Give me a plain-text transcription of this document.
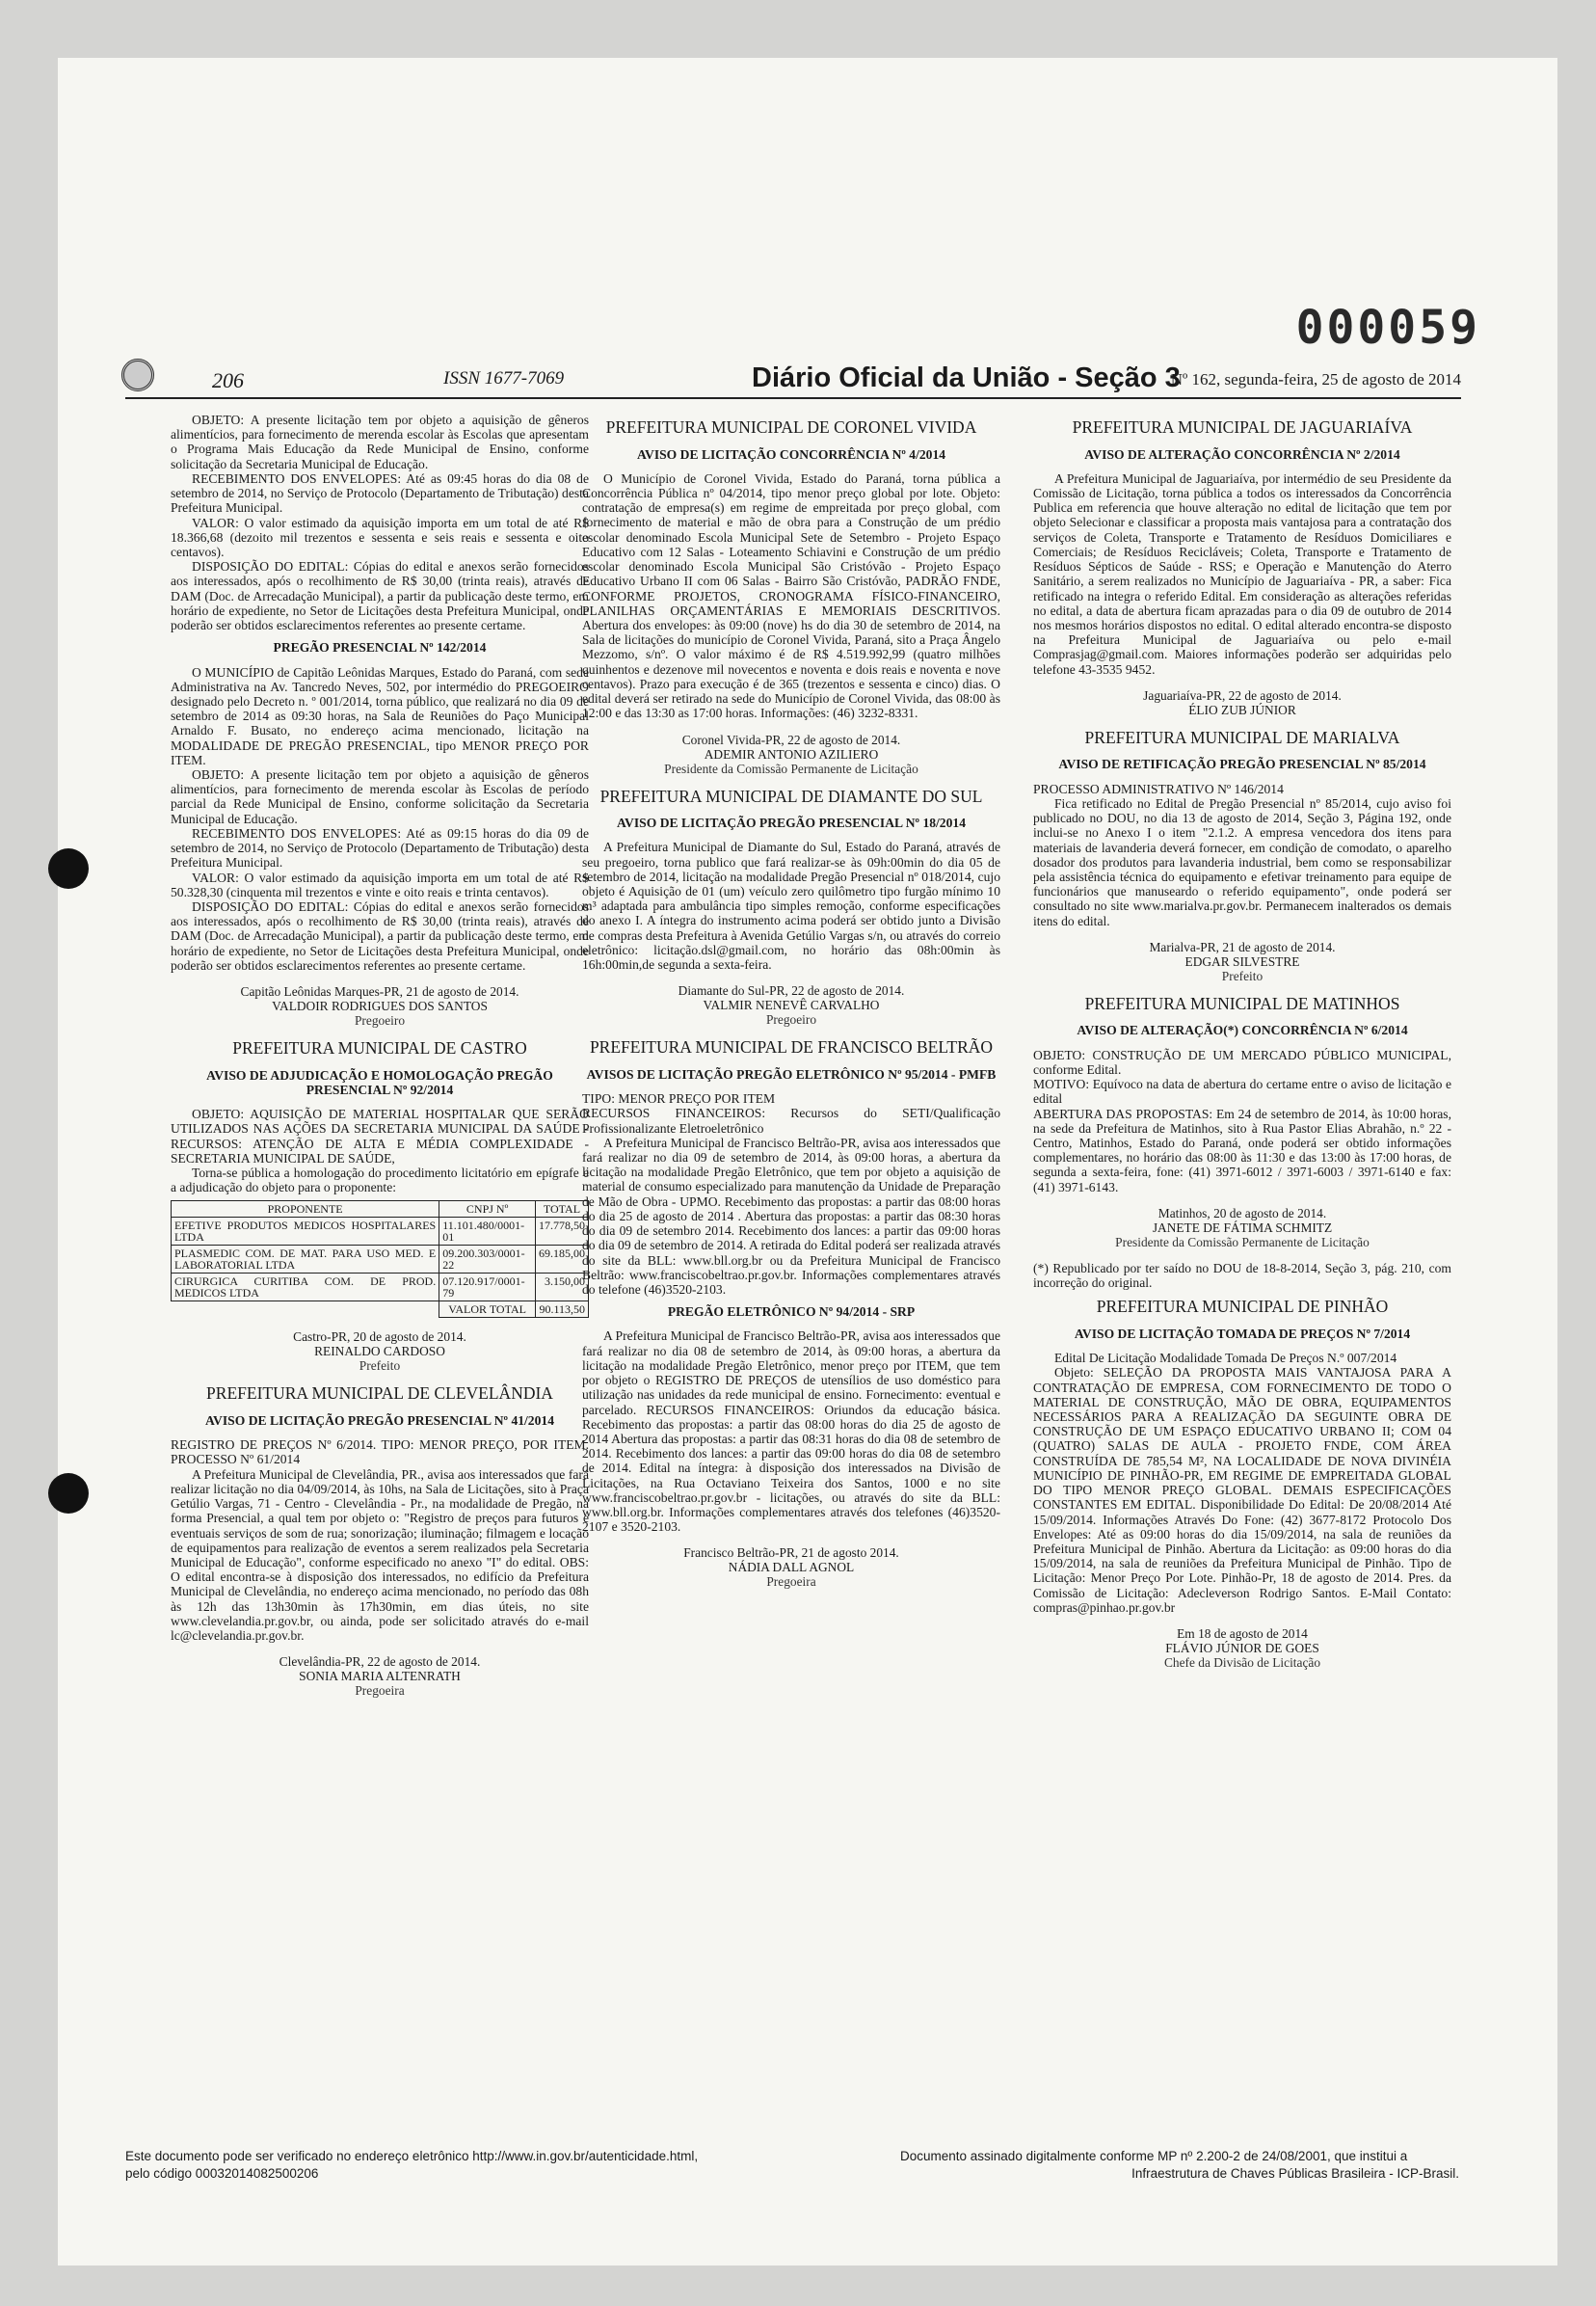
000059
206	ISSN 1677-7069	Diário Oficial da União - Seção 3
Nº 162, segunda-feira, 25 de agosto de 2014

OBJETO: A presente licitação tem por objeto a aquisição de gêneros alimentícios, para fornecimento de merenda escolar às Escolas que apresentam o Programa Mais Educação da Rede Municipal de Ensino, conforme solicitação da Secretaria Municipal de Educação.

RECEBIMENTO DOS ENVELOPES: Até as 09:45 horas do dia 08 de setembro de 2014, no Serviço de Protocolo (Departamento de Tributação) desta Prefeitura Municipal.

VALOR: O valor estimado da aquisição importa em um total de até R$ 18.366,68 (dezoito mil trezentos e sessenta e seis reais e sessenta e oito centavos).

DISPOSIÇÃO DO EDITAL: Cópias do edital e anexos serão fornecidos aos interessados, após o recolhimento de R$ 30,00 (trinta reais), através de DAM (Doc. de Arrecadação Municipal), a partir da publicação deste termo, em horário de expediente, no Setor de Licitações desta Prefeitura Municipal, onde poderão ser obtidos esclarecimentos referentes ao presente certame.

PREGÃO PRESENCIAL Nº 142/2014

O MUNICÍPIO de Capitão Leônidas Marques, Estado do Paraná, com sede Administrativa na Av. Tancredo Neves, 502, por intermédio do PREGOEIRO designado pelo Decreto n. º 001/2014, torna público, que realizará no dia 09 de setembro de 2014 as 09:30 horas, na Sala de Reuniões do Paço Municipal Arnaldo F. Busato, no endereço acima mencionado, licitação na MODALIDADE DE PREGÃO PRESENCIAL, tipo MENOR PREÇO POR ITEM.

OBJETO: A presente licitação tem por objeto a aquisição de gêneros alimentícios, para fornecimento de merenda escolar às Escolas de período parcial da Rede Municipal de Ensino, conforme solicitação da Secretaria Municipal de Educação.

RECEBIMENTO DOS ENVELOPES: Até as 09:15 horas do dia 09 de setembro de 2014, no Serviço de Protocolo (Departamento de Tributação) desta Prefeitura Municipal.

VALOR: O valor estimado da aquisição importa em um total de até R$ 50.328,30 (cinquenta mil trezentos e vinte e oito reais e trinta centavos).

DISPOSIÇÃO DO EDITAL: Cópias do edital e anexos serão fornecidos aos interessados, após o recolhimento de R$ 30,00 (trinta reais), através de DAM (Doc. de Arrecadação Municipal), a partir da publicação deste termo, em horário de expediente, no Setor de Licitações desta Prefeitura Municipal, onde poderão ser obtidos esclarecimentos referentes ao presente certame.

Capitão Leônidas Marques-PR, 21 de agosto de 2014.
VALDOIR RODRIGUES DOS SANTOS
Pregoeiro
PREFEITURA MUNICIPAL DE CASTRO
AVISO DE ADJUDICAÇÃO E HOMOLOGAÇÃO PREGÃO PRESENCIAL Nº 92/2014

OBJETO: AQUISIÇÃO DE MATERIAL HOSPITALAR QUE SERÃO UTILIZADOS NAS AÇÕES DA SECRETARIA MUNICIPAL DA SAÚDE - RECURSOS: ATENÇÃO DE ALTA E MÉDIA COMPLEXIDADE - SECRETARIA MUNICIPAL DE SAÚDE,

Torna-se pública a homologação do procedimento licitatório em epígrafe e a adjudicação do objeto para o proponente:

PROPONENTE	CNPJ Nº	TOTAL
EFETIVE PRODUTOS MEDICOS HOSPITALARES LTDA	11.101.480/0001-01	17.778,50
PLASMEDIC COM. DE MAT. PARA USO MED. E LABORATORIAL LTDA	09.200.303/0001-22	69.185,00
CIRURGICA CURITIBA COM. DE PROD. MEDICOS LTDA	07.120.917/0001-79	3.150,00
	VALOR TOTAL	90.113,50
Castro-PR, 20 de agosto de 2014.
REINALDO CARDOSO
Prefeito
PREFEITURA MUNICIPAL DE CLEVELÂNDIA
AVISO DE LICITAÇÃO PREGÃO PRESENCIAL Nº 41/2014

REGISTRO DE PREÇOS Nº 6/2014. TIPO: MENOR PREÇO, POR ITEM. PROCESSO Nº 61/2014

A Prefeitura Municipal de Clevelândia, PR., avisa aos interessados que fará realizar licitação no dia 04/09/2014, às 10hs, na Sala de Licitações, sito à Praça Getúlio Vargas, 71 - Centro - Clevelândia - Pr., na modalidade de Pregão, na forma Presencial, a qual tem por objeto o: "Registro de preços para futuros e eventuais serviços de som de rua; sonorização; iluminação; filmagem e locação de equipamentos para realização de eventos a serem realizados pela Secretaria Municipal de Educação", conforme especificado no anexo "I" do edital. OBS: O edital encontra-se à disposição dos interessados, no edifício da Prefeitura Municipal de Clevelândia, no endereço acima mencionado, no período das 08h às 12h das 13h30min às 17h30min, em dias úteis, no site www.clevelandia.pr.gov.br, ou ainda, pode ser solicitado através do e-mail lc@clevelandia.pr.gov.br.

Clevelândia-PR, 22 de agosto de 2014.
SONIA MARIA ALTENRATH
Pregoeira
PREFEITURA MUNICIPAL DE CORONEL VIVIDA
AVISO DE LICITAÇÃO CONCORRÊNCIA Nº 4/2014

O Município de Coronel Vivida, Estado do Paraná, torna pública a Concorrência Pública nº 04/2014, tipo menor preço global por lote. Objeto: contratação de empresa(s) em regime de empreitada por preço global, com fornecimento de material e mão de obra para a Construção de um prédio escolar denominado Escola Municipal Sete de Setembro - Projeto Espaço Educativo com 12 Salas - Loteamento Schiavini e Construção de um prédio escolar denominado Escola Municipal São Cristóvão - Projeto Espaço Educativo Urbano II com 06 Salas - Bairro São Cristóvão, PADRÃO FNDE, CONFORME PROJETOS, CRONOGRAMA FÍSICO-FINANCEIRO, PLANILHAS ORÇAMENTÁRIAS E MEMORIAIS DESCRITIVOS. Abertura dos envelopes: às 09:00 (nove) hs do dia 30 de setembro de 2014, na Sala de licitações do município de Coronel Vivida, Paraná, sito a Praça Ângelo Mezzomo, s/nº. O valor máximo é de R$ 4.519.992,99 (quatro milhões quinhentos e dezenove mil novecentos e noventa e dois reais e noventa e nove centavos). Prazo para execução é de 365 (trezentos e sessenta e cinco) dias. O edital deverá ser retirado na sede do Município de Coronel Vivida, das 08:00 às 12:00 e das 13:30 as 17:00 horas. Informações: (46) 3232-8331.

Coronel Vivida-PR, 22 de agosto de 2014.
ADEMIR ANTONIO AZILIERO
Presidente da Comissão Permanente de Licitação
PREFEITURA MUNICIPAL DE DIAMANTE DO SUL
AVISO DE LICITAÇÃO PREGÃO PRESENCIAL Nº 18/2014

A Prefeitura Municipal de Diamante do Sul, Estado do Paraná, através de seu pregoeiro, torna publico que fará realizar-se às 09h:00min do dia 05 de setembro de 2014, licitação na modalidade Pregão Presencial nº 018/2014, cujo objeto é Aquisição de 01 (um) veículo zero quilômetro tipo furgão mínimo 10 m³ adaptada para ambulância tipo simples remoção, conforme especificações do anexo I. A íntegra do instrumento acima poderá ser obtido junto a Divisão de compras desta Prefeitura à Avenida Getúlio Vargas s/n, ou através do correio eletrônico: licitação.dsl@gmail.com, no horário das 08h:00min às 16h:00min,de segunda a sexta-feira.

Diamante do Sul-PR, 22 de agosto de 2014.
VALMIR NENEVÊ CARVALHO
Pregoeiro
PREFEITURA MUNICIPAL DE FRANCISCO BELTRÃO
AVISOS DE LICITAÇÃO PREGÃO ELETRÔNICO Nº 95/2014 - PMFB

TIPO: MENOR PREÇO POR ITEM

RECURSOS FINANCEIROS: Recursos do SETI/Qualificação Profissionalizante Eletroeletrônico

A Prefeitura Municipal de Francisco Beltrão-PR, avisa aos interessados que fará realizar no dia 09 de setembro de 2014, às 09:00 horas, a abertura da licitação na modalidade Pregão Eletrônico, que tem por objeto a aquisição de material de consumo especializado para manutenção da Unidade de Preparação de Mão de Obra - UPMO. Recebimento das propostas: a partir das 08:00 horas do dia 25 de agosto de 2014 . Abertura das propostas: a partir das 08:30 horas do dia 09 de setembro 2014. Recebimento dos lances: a partir das 09:00 horas do dia 09 de setembro de 2014. A retirada do Edital poderá ser realizada através do site da BLL: www.bll.org.br ou da Prefeitura Municipal de Francisco Beltrão: www.franciscobeltrao.pr.gov.br. Informações complementares através do telefone (46)3520-2103.

PREGÃO ELETRÔNICO Nº 94/2014 - SRP

A Prefeitura Municipal de Francisco Beltrão-PR, avisa aos interessados que fará realizar no dia 08 de setembro de 2014, às 09:00 horas, a abertura da licitação na modalidade Pregão Eletrônico, menor preço por ITEM, que tem por objeto o REGISTRO DE PREÇOS de utensílios de uso doméstico para utilização nas unidades da rede municipal de ensino. Fornecimento: eventual e parcelado. RECURSOS FINANCEIROS: Oriundos da educação básica. Recebimento das propostas: a partir das 08:00 horas do dia 25 de agosto de 2014 Abertura das propostas: a partir das 08:31 horas do dia 08 de setembro de 2014. Recebimento dos lances: a partir das 09:00 horas do dia 08 de setembro de 2014. Edital na íntegra: à disposição dos interessados na Divisão de Licitações, na Rua Octaviano Teixeira dos Santos, 1000 e no site www.franciscobeltrao.pr.gov.br - licitações, ou através do site da BLL: www.bll.org.br. Informações complementares através dos telefones (46)3520-2107 e 3520-2103.

Francisco Beltrão-PR, 21 de agosto 2014.
NÁDIA DALL AGNOL
Pregoeira
PREFEITURA MUNICIPAL DE JAGUARIAÍVA
AVISO DE ALTERAÇÃO CONCORRÊNCIA Nº 2/2014

A Prefeitura Municipal de Jaguariaíva, por intermédio de seu Presidente da Comissão de Licitação, torna pública a todos os interessados da Concorrência Publica em referencia que houve alteração no edital de licitação que tem por objeto Selecionar e classificar a proposta mais vantajosa para a contratação dos serviços de Coleta, Transporte e Tratamento de Resíduos Domiciliares e Comerciais; de Resíduos Recicláveis; Coleta, Transporte e Tratamento de Resíduos Sépticos de Saúde - RSS; e Operação e Manutenção do Aterro Sanitário, a serem realizados no Município de Jaguariaíva - PR, a saber: Fica retificado na integra o referido Edital. Em consideração as alterações referidas no edital, a data de abertura ficam aprazadas para o dia 09 de outubro de 2014 nos mesmos horários dispostos no edital. O edital alterado encontra-se disposto na Prefeitura Municipal de Jaguariaíva ou pelo e-mail Comprasjag@gmail.com. Maiores informações poderão ser adquiridas pelo telefone 43-3535 9452.

Jaguariaíva-PR, 22 de agosto de 2014.
ÉLIO ZUB JÚNIOR
PREFEITURA MUNICIPAL DE MARIALVA
AVISO DE RETIFICAÇÃO PREGÃO PRESENCIAL Nº 85/2014

PROCESSO ADMINISTRATIVO Nº 146/2014

Fica retificado no Edital de Pregão Presencial nº 85/2014, cujo aviso foi publicado no DOU, no dia 13 de agosto de 2014, Seção 3, Página 192, onde inclui-se no Anexo I o item "2.1.2. A empresa vencedora dos itens para materiais de lavanderia deverá fornecer, em condição de comodato, o aparelho dosador dos produtos para lavanderia industrial, bem como se responsabilizar pela assistência técnica do equipamento e efetivar treinamento para equipe de funcionários que manuseardo o referido equipamento", onde poderá ser consultado no site www.marialva.pr.gov.br. Permanecem inalterados os demais itens do edital.

Marialva-PR, 21 de agosto de 2014.
EDGAR SILVESTRE
Prefeito
PREFEITURA MUNICIPAL DE MATINHOS
AVISO DE ALTERAÇÃO(*) CONCORRÊNCIA Nº 6/2014

OBJETO: CONSTRUÇÃO DE UM MERCADO PÚBLICO MUNICIPAL, conforme Edital.

MOTIVO: Equívoco na data de abertura do certame entre o aviso de licitação e edital

ABERTURA DAS PROPOSTAS: Em 24 de setembro de 2014, às 10:00 horas, na sede da Prefeitura de Matinhos, sito à Rua Pastor Elias Abrahão, n.º 22 - Centro, Matinhos, Estado do Paraná, onde poderá ser obtido informações complementares, no horário das 08:00 às 11:30 e das 13:00 às 17:00 horas, de segunda a sexta-feira, fone: (41) 3971-6012 / 3971-6003 / 3971-6140 e fax: (41) 3971-6143.

Matinhos, 20 de agosto de 2014.
JANETE DE FÁTIMA SCHMITZ
Presidente da Comissão Permanente de Licitação

(*) Republicado por ter saído no DOU de 18-8-2014, Seção 3, pág. 210, com incorreção do original.

PREFEITURA MUNICIPAL DE PINHÃO
AVISO DE LICITAÇÃO TOMADA DE PREÇOS Nº 7/2014

Edital De Licitação Modalidade Tomada De Preços N.º 007/2014

Objeto: SELEÇÃO DA PROPOSTA MAIS VANTAJOSA PARA A CONTRATAÇÃO DE EMPRESA, COM FORNECIMENTO DE TODO O MATERIAL DE CONSTRUÇÃO, MÃO DE OBRA, EQUIPAMENTOS NECESSÁRIOS PARA A REALIZAÇÃO DA SEGUINTE OBRA DE CONSTRUÇÃO DE UM ESPAÇO EDUCATIVO URBANO II; COM 04 (QUATRO) SALAS DE AULA - PROJETO FNDE, COM ÁREA CONSTRUÍDA DE 785,54 M², NA LOCALIDADE DE NOVA DIVINÉIA MUNICÍPIO DE PINHÃO-PR, EM REGIME DE EMPREITADA GLOBAL DO TIPO MENOR PREÇO GLOBAL. DEMAIS ESPECIFICAÇÕES CONSTANTES EM EDITAL. Disponibilidade Do Edital: De 20/08/2014 Até 15/09/2014. Informações Através Do Fone: (42) 3677-8172 Protocolo Dos Envelopes: Até as 09:00 horas do dia 15/09/2014, na sala de reuniões da Prefeitura Municipal de Pinhão. Abertura da Licitação: as 09:00 horas do dia 15/09/2014, na sala de reuniões da Prefeitura Municipal de Pinhão. Tipo de Licitação: Menor Preço Por Lote. Pinhão-Pr, 18 de agosto de 2014. Pres. da Comissão de Licitação: Adecleverson Rodrigo Santos. E-Mail Contato: compras@pinhao.pr.gov.br

Em 18 de agosto de 2014
FLÁVIO JÚNIOR DE GOES
Chefe da Divisão de Licitação
Este documento pode ser verificado no endereço eletrônico http://www.in.gov.br/autenticidade.html,
pelo código 00032014082500206
Documento assinado digitalmente conforme MP nº 2.200-2 de 24/08/2001, que institui a
Infraestrutura de Chaves Públicas Brasileira - ICP-Brasil.
